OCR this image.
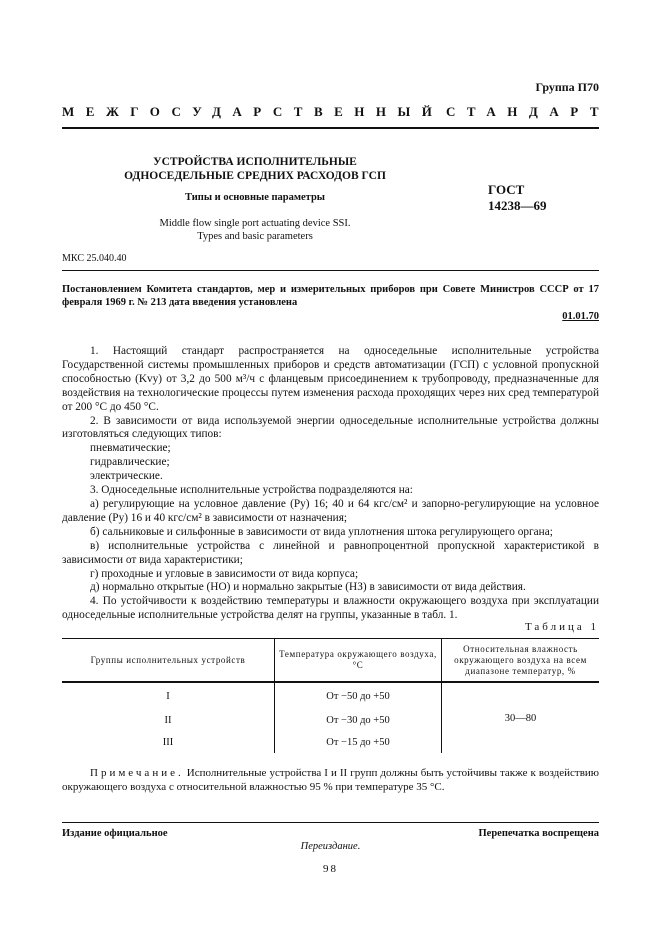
Группа П70
МЕЖГОСУДАРСТВЕННЫЙ СТАНДАРТ
УСТРОЙСТВА ИСПОЛНИТЕЛЬНЫЕ
ОДНОСЕДЕЛЬНЫЕ СРЕДНИХ РАСХОДОВ ГСП
Типы и основные параметры
Middle flow single port actuating device SSI.
Types and basic parameters
ГОСТ
14238—69
МКС 25.040.40
Постановлением Комитета стандартов, мер и измерительных приборов при Совете Министров СССР от 17 февраля 1969 г. № 213 дата введения установлена
01.01.70

1. Настоящий стандарт распространяется на односедельные исполнительные устройства Государственной системы промышленных приборов и средств автоматизации (ГСП) с условной пропускной способностью (Kvy) от 3,2 до 500 м³/ч с фланцевым присоединением к трубопроводу, предназначенные для воздействия на технологические процессы путем изменения расхода проходящих через них сред температурой от 200 °С до 450 °С.

2. В зависимости от вида используемой энергии односедельные исполнительные устройства должны изготовляться следующих типов:

пневматические;

гидравлические;

электрические.

3. Односедельные исполнительные устройства подразделяются на:

а) регулирующие на условное давление (Py) 16; 40 и 64 кгс/см² и запорно-регулирующие на условное давление (Py) 16 и 40 кгс/см² в зависимости от назначения;

б) сальниковые и сильфонные в зависимости от вида уплотнения штока регулирующего органа;

в) исполнительные устройства с линейной и равнопроцентной пропускной характеристикой в зависимости от вида характеристики;

г) проходные и угловые в зависимости от вида корпуса;

д) нормально открытые (НО) и нормально закрытые (НЗ) в зависимости от вида действия.

4. По устойчивости к воздействию температуры и влажности окружающего воздуха при эксплуатации односедельные исполнительные устройства делят на группы, указанные в табл. 1.

Таблица 1
Группы исполнительных устройств	Температура окружающего воздуха, °С	Относительная влажность окружающего воздуха на всем диапазоне температур, %
I	От −50 до +50	30—80
II	От −30 до +50	
III	От −15 до +50	
Примечание. Исполнительные устройства I и II групп должны быть устойчивы также к воздействию окружающего воздуха с относительной влажностью 95 % при температуре 35 °С.
Издание официальное	Перепечатка воспрещена
Переиздание.
98
